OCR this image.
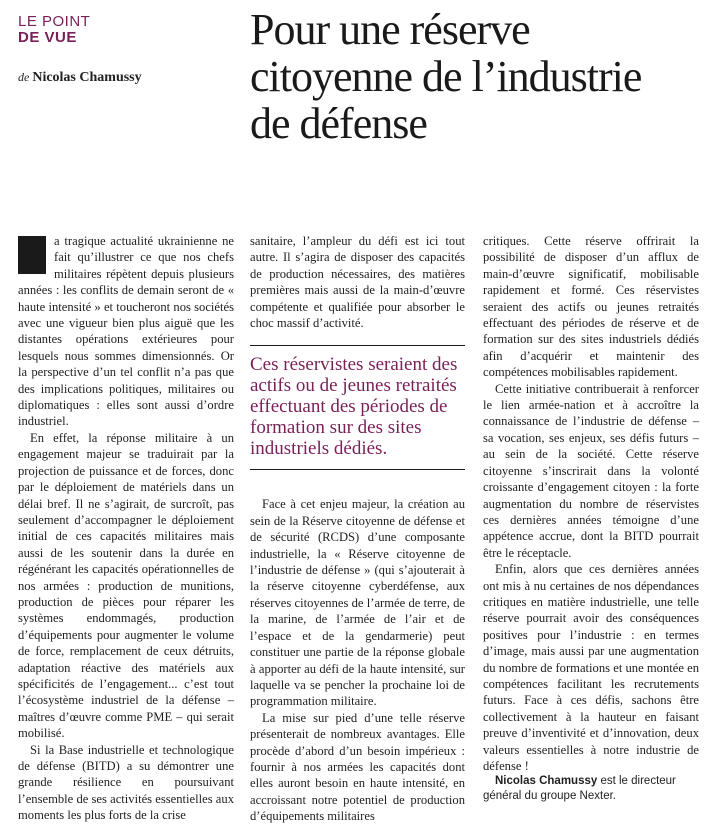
LE POINT
DE VUE
de Nicolas Chamussy
Pour une réserve
citoyenne de l’industrie
de défense

a tragique actualité ukrainienne ne fait qu’illustrer ce que nos chefs militaires répètent depuis plusieurs années : les conflits de demain seront de « haute intensité » et toucheront nos sociétés avec une vigueur bien plus aiguë que les distantes opérations extérieures pour lesquels nous sommes dimensionnés. Or la perspective d’un tel conflit n’a pas que des implications politiques, militaires ou diplomatiques : elles sont aussi d’ordre industriel.

En effet, la réponse militaire à un engagement majeur se traduirait par la projection de puissance et de forces, donc par le déploiement de matériels dans un délai bref. Il ne s’agirait, de surcroît, pas seulement d’accompagner le déploiement initial de ces capacités militaires mais aussi de les soutenir dans la durée en régénérant les capacités opérationnelles de nos armées : production de munitions, production de pièces pour réparer les systèmes endommagés, production d’équipements pour augmenter le volume de force, remplacement de ceux détruits, adaptation réactive des matériels aux spécificités de l’engagement... c’est tout l’écosystème industriel de la défense – maîtres d’œuvre comme PME – qui serait mobilisé.

Si la Base industrielle et technologique de défense (BITD) a su démontrer une grande résilience en poursuivant l’ensemble de ses activités essentielles aux moments les plus forts de la crise

sanitaire, l’ampleur du défi est ici tout autre. Il s’agira de disposer des capacités de production nécessaires, des matières premières mais aussi de la main-d’œuvre compétente et qualifiée pour absorber le choc massif d’activité.

Ces réservistes seraient des actifs ou de jeunes retraités effectuant des périodes de formation sur des sites industriels dédiés.

Face à cet enjeu majeur, la création au sein de la Réserve citoyenne de défense et de sécurité (RCDS) d’une composante industrielle, la « Réserve citoyenne de l’industrie de défense » (qui s’ajouterait à la réserve citoyenne cyberdéfense, aux réserves citoyennes de l’armée de terre, de la marine, de l’armée de l’air et de l’espace et de la gendarmerie) peut constituer une partie de la réponse globale à apporter au défi de la haute intensité, sur laquelle va se pencher la prochaine loi de programmation militaire.

La mise sur pied d’une telle réserve présenterait de nombreux avantages. Elle procède d’abord d’un besoin impérieux : fournir à nos armées les capacités dont elles auront besoin en haute intensité, en accroissant notre potentiel de production d’équipements militaires

critiques. Cette réserve offrirait la possibilité de disposer d’un afflux de main-d’œuvre significatif, mobilisable rapidement et formé. Ces réservistes seraient des actifs ou jeunes retraités effectuant des périodes de réserve et de formation sur des sites industriels dédiés afin d’acquérir et maintenir des compétences mobilisables rapidement.

Cette initiative contribuerait à renforcer le lien armée-nation et à accroître la connaissance de l’industrie de défense – sa vocation, ses enjeux, ses défis futurs – au sein de la société. Cette réserve citoyenne s’inscrirait dans la volonté croissante d’engagement citoyen : la forte augmentation du nombre de réservistes ces dernières années témoigne d’une appétence accrue, dont la BITD pourrait être le réceptacle.

Enfin, alors que ces dernières années ont mis à nu certaines de nos dépendances critiques en matière industrielle, une telle réserve pourrait avoir des conséquences positives pour l’industrie : en termes d’image, mais aussi par une augmentation du nombre de formations et une montée en compétences facilitant les recrutements futurs. Face à ces défis, sachons être collectivement à la hauteur en faisant preuve d’inventivité et d’innovation, deux valeurs essentielles à notre industrie de défense !

Nicolas Chamussy est le directeur général du groupe Nexter.
